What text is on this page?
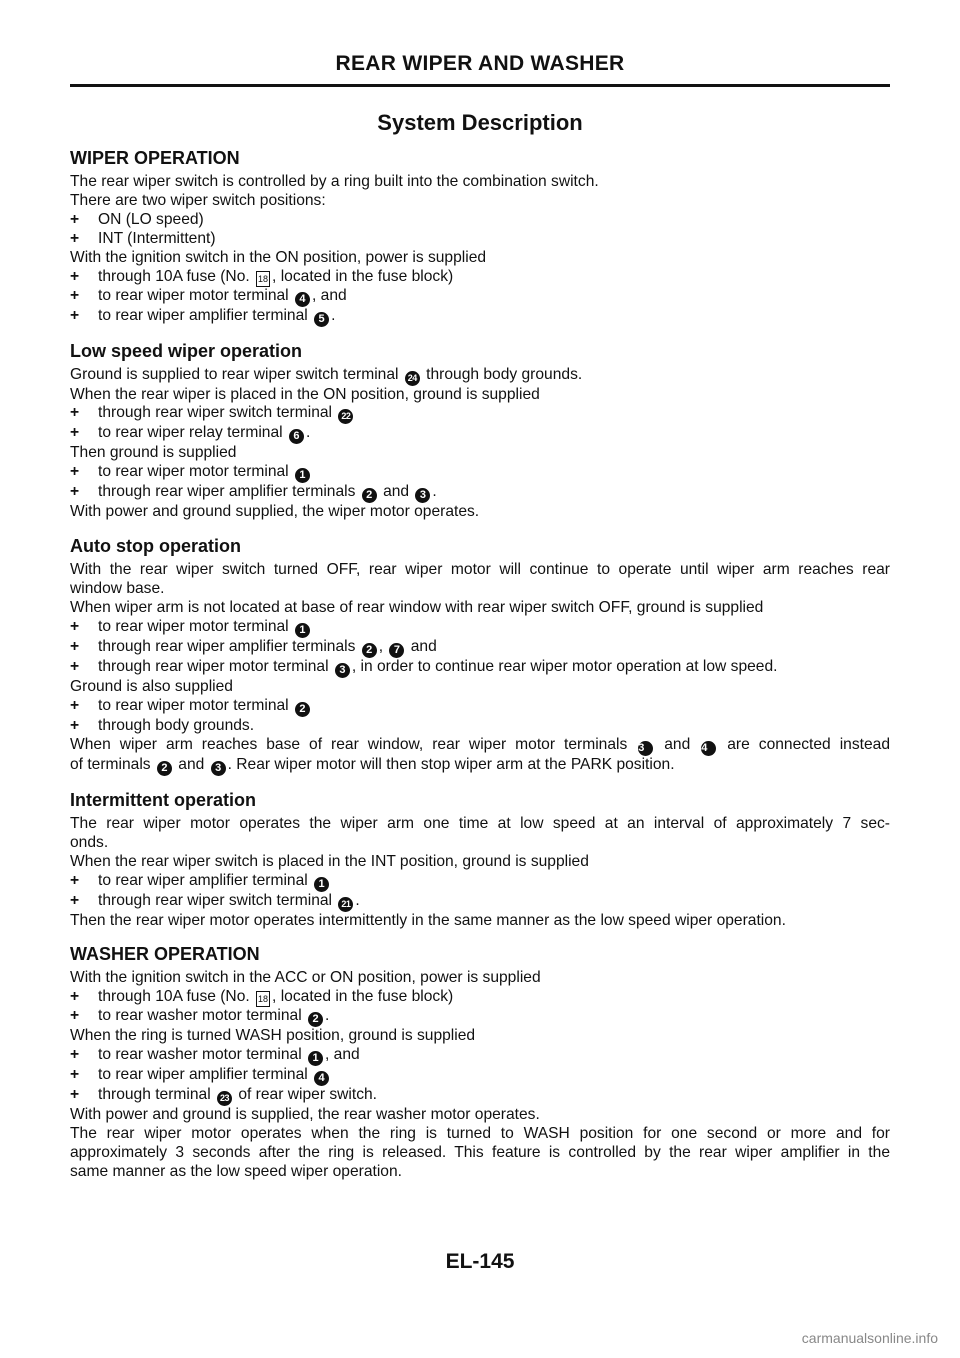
REAR WIPER AND WASHER
System Description
WIPER OPERATION
The rear wiper switch is controlled by a ring built into the combination switch.
There are two wiper switch positions:
+ ON (LO speed)
+ INT (Intermittent)
With the ignition switch in the ON position, power is supplied
+ through 10A fuse (No. 18 , located in the fuse block)
+ to rear wiper motor terminal 4 , and
+ to rear wiper amplifier terminal 5 .
Low speed wiper operation
Ground is supplied to rear wiper switch terminal 24 through body grounds.
When the rear wiper is placed in the ON position, ground is supplied
+ through rear wiper switch terminal 22
+ to rear wiper relay terminal 6 .
Then ground is supplied
+ to rear wiper motor terminal 1
+ through rear wiper amplifier terminals 2 and 3 .
With power and ground supplied, the wiper motor operates.
Auto stop operation
With the rear wiper switch turned OFF, rear wiper motor will continue to operate until wiper arm reaches rear
window base.
When wiper arm is not located at base of rear window with rear wiper switch OFF, ground is supplied
+ to rear wiper motor terminal 1
+ through rear wiper amplifier terminals 2 , 7 and
+ through rear wiper motor terminal 3 , in order to continue rear wiper motor operation at low speed.
Ground is also supplied
+ to rear wiper motor terminal 2
+ through body grounds.
When wiper arm reaches base of rear window, rear wiper motor terminals 3 and 4 are connected instead
of terminals 2 and 3 . Rear wiper motor will then stop wiper arm at the PARK position.
Intermittent operation
The rear wiper motor operates the wiper arm one time at low speed at an interval of approximately 7 sec-
onds.
When the rear wiper switch is placed in the INT position, ground is supplied
+ to rear wiper amplifier terminal 1
+ through rear wiper switch terminal 21 .
Then the rear wiper motor operates intermittently in the same manner as the low speed wiper operation.
WASHER OPERATION
With the ignition switch in the ACC or ON position, power is supplied
+ through 10A fuse (No. 18 , located in the fuse block)
+ to rear washer motor terminal 2 .
When the ring is turned WASH position, ground is supplied
+ to rear washer motor terminal 1 , and
+ to rear wiper amplifier terminal 4
+ through terminal 23 of rear wiper switch.
With power and ground is supplied, the rear washer motor operates.
The rear wiper motor operates when the ring is turned to WASH position for one second or more and for
approximately 3 seconds after the ring is released. This feature is controlled by the rear wiper amplifier in the
same manner as the low speed wiper operation.
EL-145
carmanualsonline.info
